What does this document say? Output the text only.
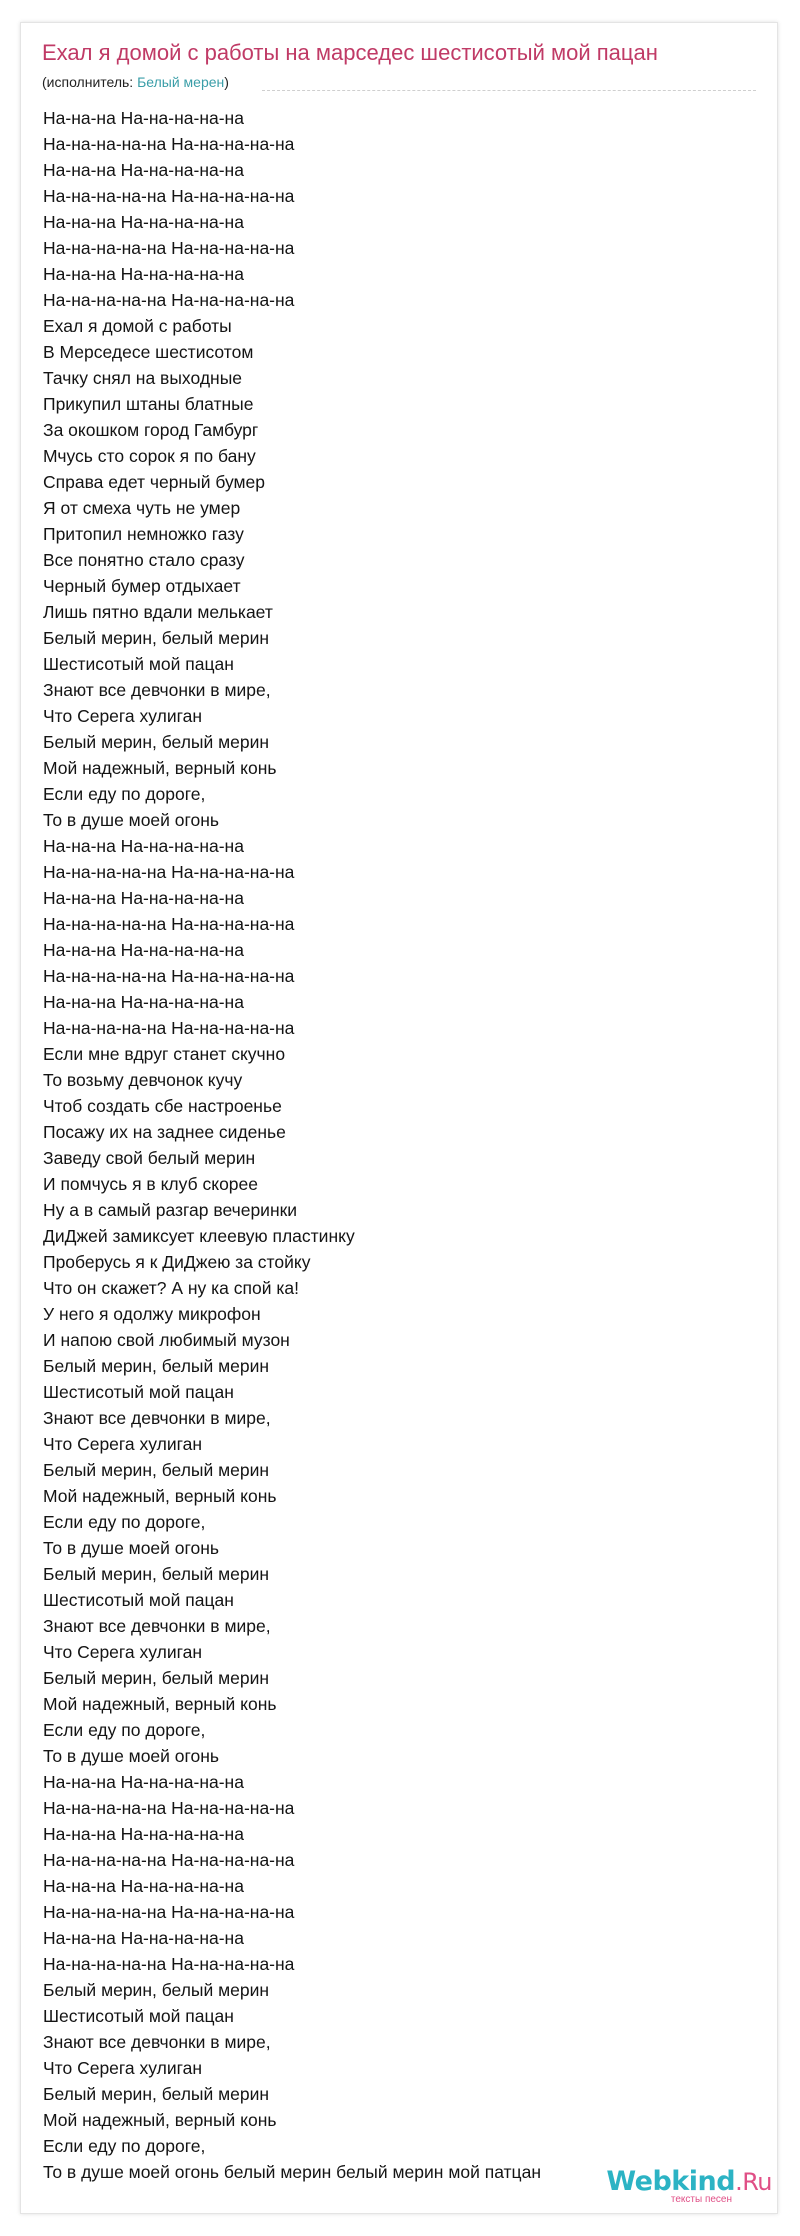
Ехал я домой с работы на марседес шестисотый мой пацан
(исполнитель: Белый мерен)
На-на-на На-на-на-на-на
На-на-на-на-на На-на-на-на-на
На-на-на На-на-на-на-на
На-на-на-на-на На-на-на-на-на
На-на-на На-на-на-на-на
На-на-на-на-на На-на-на-на-на
На-на-на На-на-на-на-на
На-на-на-на-на На-на-на-на-на
Ехал я домой с работы
В Мерседесе шестисотом
Тачку снял на выходные
Прикупил штаны блатные
За окошком город Гамбург
Мчусь сто сорок я по бану
Справа едет черный бумер
Я от смеха чуть не умер
Притопил немножко газу
Все понятно стало сразу
Черный бумер отдыхает
Лишь пятно вдали мелькает
Белый мерин, белый мерин
Шестисотый мой пацан
Знают все девчонки в мире,
Что Серега хулиган
Белый мерин, белый мерин
Мой надежный, верный конь
Если еду по дороге,
То в душе моей огонь
На-на-на На-на-на-на-на
На-на-на-на-на На-на-на-на-на
На-на-на На-на-на-на-на
На-на-на-на-на На-на-на-на-на
На-на-на На-на-на-на-на
На-на-на-на-на На-на-на-на-на
На-на-на На-на-на-на-на
На-на-на-на-на На-на-на-на-на
Если мне вдруг станет скучно
То возьму девчонок кучу
Чтоб создать сбе настроенье
Посажу их на заднее сиденье
Заведу свой белый мерин
И помчусь я в клуб скорее
Ну а в самый разгар вечеринки
ДиДжей замиксует клеевую пластинку
Проберусь я к ДиДжею за стойку
Что он скажет? А ну ка спой ка!
У него я одолжу микрофон
И напою свой любимый музон
Белый мерин, белый мерин
Шестисотый мой пацан
Знают все девчонки в мире,
Что Серега хулиган
Белый мерин, белый мерин
Мой надежный, верный конь
Если еду по дороге,
То в душе моей огонь
Белый мерин, белый мерин
Шестисотый мой пацан
Знают все девчонки в мире,
Что Серега хулиган
Белый мерин, белый мерин
Мой надежный, верный конь
Если еду по дороге,
То в душе моей огонь
На-на-на На-на-на-на-на
На-на-на-на-на На-на-на-на-на
На-на-на На-на-на-на-на
На-на-на-на-на На-на-на-на-на
На-на-на На-на-на-на-на
На-на-на-на-на На-на-на-на-на
На-на-на На-на-на-на-на
На-на-на-на-на На-на-на-на-на
Белый мерин, белый мерин
Шестисотый мой пацан
Знают все девчонки в мире,
Что Серега хулиган
Белый мерин, белый мерин
Мой надежный, верный конь
Если еду по дороге,
То в душе моей огонь белый мерин белый мерин мой патцан Webkind.Ru
тексты песен
